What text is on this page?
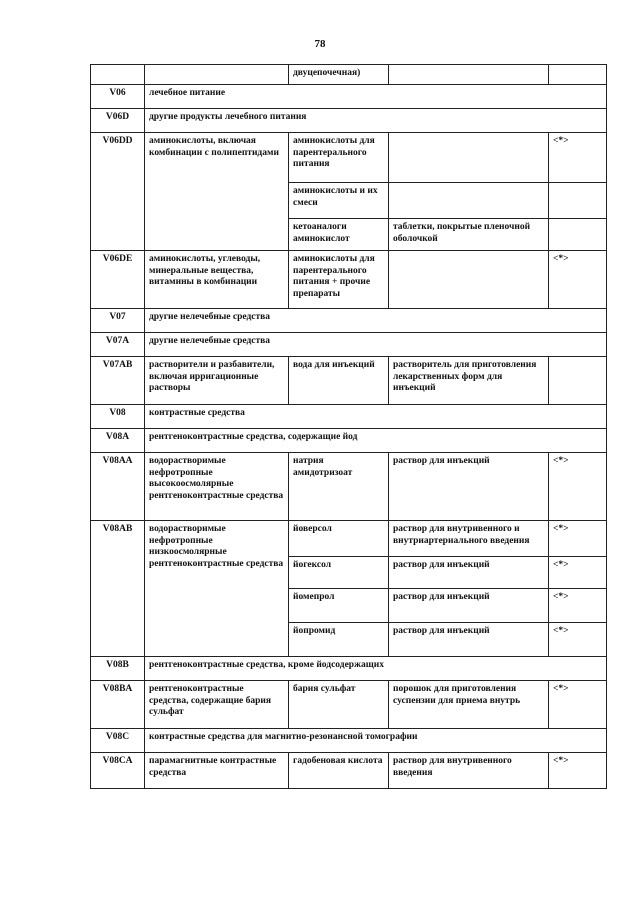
78
		двуцепочечная)		
V06	лечебное питание			
V06D	другие продукты лечебного питания			
V06DD	аминокислоты, включая комбинации с полипептидами	аминокислоты для парентерального питания		<*>
		аминокислоты и их смеси		
		кетоаналоги аминокислот	таблетки, покрытые пленочной оболочкой	
V06DE	аминокислоты, углеводы, минеральные вещества, витамины в комбинации	аминокислоты для парентерального питания + прочие препараты		<*>
V07	другие нелечебные средства			
V07A	другие нелечебные средства			
V07AB	растворители и разбавители, включая ирригационные растворы	вода для инъекций	растворитель для приготовления лекарственных форм для инъекций	
V08	контрастные средства			
V08A	рентгеноконтрастные средства, содержащие йод			
V08AA	водорастворимые нефротропные высокоосмолярные рентгеноконтрастные средства	натрия амидотризоат	раствор для инъекций	<*>
V08AB	водорастворимые нефротропные низкоосмолярные рентгеноконтрастные средства	йоверсол	раствор для внутривенного и внутриартериального введения	<*>
		йогексол	раствор для инъекций	<*>
		йомепрол	раствор для инъекций	<*>
		йопромид	раствор для инъекций	<*>
V08B	рентгеноконтрастные средства, кроме йодсодержащих			
V08BA	рентгеноконтрастные средства, содержащие бария сульфат	бария сульфат	порошок для приготовления суспензии для приема внутрь	<*>
V08C	контрастные средства для магнитно-резонансной томографии			
V08CA	парамагнитные контрастные средства	гадобеновая кислота	раствор для внутривенного введения	<*>
